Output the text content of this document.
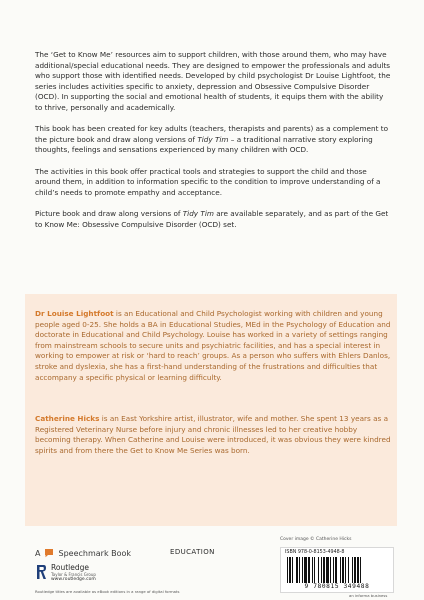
The ‘Get to Know Me’ resources aim to support children, with those around them, who may have additional/special educational needs. They are designed to empower the professionals and adults who support those with identified needs. Developed by child psychologist Dr Louise Lightfoot, the series includes activities specific to anxiety, depression and Obsessive Compulsive Disorder (OCD). In supporting the social and emotional health of students, it equips them with the ability to thrive, personally and academically.

This book has been created for key adults (teachers, therapists and parents) as a complement to the picture book and draw along versions of Tidy Tim – a traditional narrative story exploring thoughts, feelings and sensations experienced by many children with OCD.

The activities in this book offer practical tools and strategies to support the child and those around them, in addition to information specific to the condition to improve understanding of a child’s needs to promote empathy and acceptance.

Picture book and draw along versions of Tidy Tim are available separately, and as part of the Get to Know Me: Obsessive Compulsive Disorder (OCD) set.

Dr Louise Lightfoot is an Educational and Child Psychologist working with children and young people aged 0-25. She holds a BA in Educational Studies, MEd in the Psychology of Education and doctorate in Educational and Child Psychology. Louise has worked in a variety of settings ranging from mainstream schools to secure units and psychiatric facilities, and has a special interest in working to empower at risk or ‘hard to reach’ groups. As a person who suffers with Ehlers Danlos, stroke and dyslexia, she has a first-hand understanding of the frustrations and difficulties that accompany a specific physical or learning difficulty.

Catherine Hicks is an East Yorkshire artist, illustrator, wife and mother. She spent 13 years as a Registered Veterinary Nurse before injury and chronic illnesses led to her creative hobby becoming therapy. When Catherine and Louise were introduced, it was obvious they were kindred spirits and from there the Get to Know Me Series was born.

A Speechmark Book
Routledge
Taylor & Francis Group
www.routledge.com
Routledge titles are available as eBook editions in a range of digital formats
EDUCATION
Cover image © Catherine Hicks
ISBN 978-0-8153-4948-8
9 780815 349488
an informa business
